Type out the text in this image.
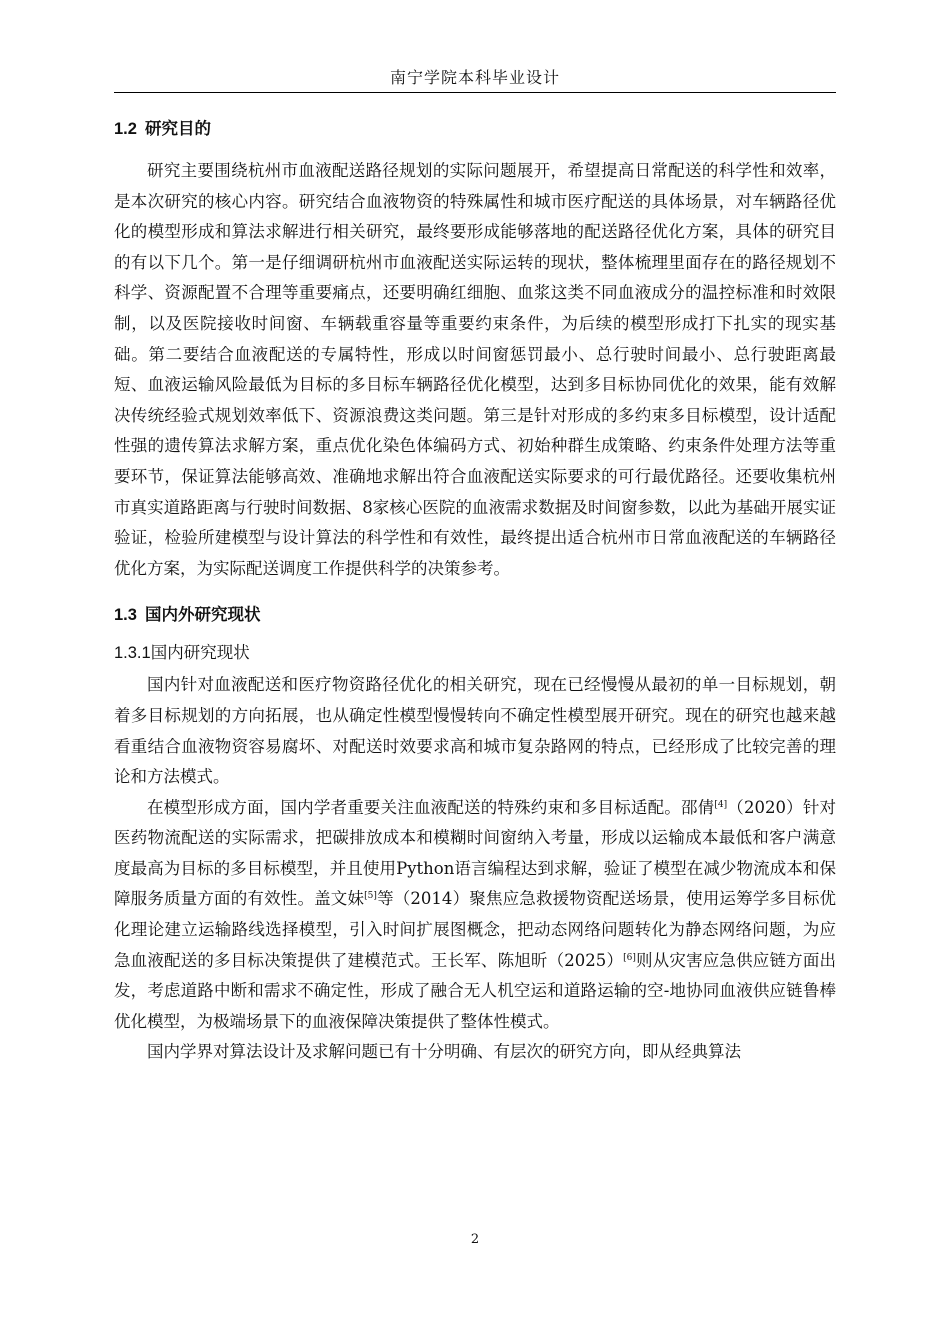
南宁学院本科毕业设计
1.2 研究目的

研究主要围绕杭州市血液配送路径规划的实际问题展开，希望提高日常配送的科学性和效率，是本次研究的核心内容。研究结合血液物资的特殊属性和城市医疗配送的具体场景，对车辆路径优化的模型形成和算法求解进行相关研究，最终要形成能够落地的配送路径优化方案，具体的研究目的有以下几个。第一是仔细调研杭州市血液配送实际运转的现状，整体梳理里面存在的路径规划不科学、资源配置不合理等重要痛点，还要明确红细胞、血浆这类不同血液成分的温控标准和时效限制，以及医院接收时间窗、车辆载重容量等重要约束条件，为后续的模型形成打下扎实的现实基础。第二要结合血液配送的专属特性，形成以时间窗惩罚最小、总行驶时间最小、总行驶距离最短、血液运输风险最低为目标的多目标车辆路径优化模型，达到多目标协同优化的效果，能有效解决传统经验式规划效率低下、资源浪费这类问题。第三是针对形成的多约束多目标模型，设计适配性强的遗传算法求解方案，重点优化染色体编码方式、初始种群生成策略、约束条件处理方法等重要环节，保证算法能够高效、准确地求解出符合血液配送实际要求的可行最优路径。还要收集杭州市真实道路距离与行驶时间数据、8家核心医院的血液需求数据及时间窗参数，以此为基础开展实证验证，检验所建模型与设计算法的科学性和有效性，最终提出适合杭州市日常血液配送的车辆路径优化方案，为实际配送调度工作提供科学的决策参考。

1.3 国内外研究现状
1.3.1国内研究现状

国内针对血液配送和医疗物资路径优化的相关研究，现在已经慢慢从最初的单一目标规划，朝着多目标规划的方向拓展，也从确定性模型慢慢转向不确定性模型展开研究。现在的研究也越来越看重结合血液物资容易腐坏、对配送时效要求高和城市复杂路网的特点，已经形成了比较完善的理论和方法模式。

在模型形成方面，国内学者重要关注血液配送的特殊约束和多目标适配。邵倩[4]（2020）针对医药物流配送的实际需求，把碳排放成本和模糊时间窗纳入考量，形成以运输成本最低和客户满意度最高为目标的多目标模型，并且使用Python语言编程达到求解，验证了模型在减少物流成本和保障服务质量方面的有效性。盖文妹[5]等（2014）聚焦应急救援物资配送场景，使用运筹学多目标优化理论建立运输路线选择模型，引入时间扩展图概念，把动态网络问题转化为静态网络问题，为应急血液配送的多目标决策提供了建模范式。王长军、陈旭昕（2025）[6]则从灾害应急供应链方面出发，考虑道路中断和需求不确定性，形成了融合无人机空运和道路运输的空-地协同血液供应链鲁棒优化模型，为极端场景下的血液保障决策提供了整体性模式。

国内学界对算法设计及求解问题已有十分明确、有层次的研究方向，即从经典算法

2
